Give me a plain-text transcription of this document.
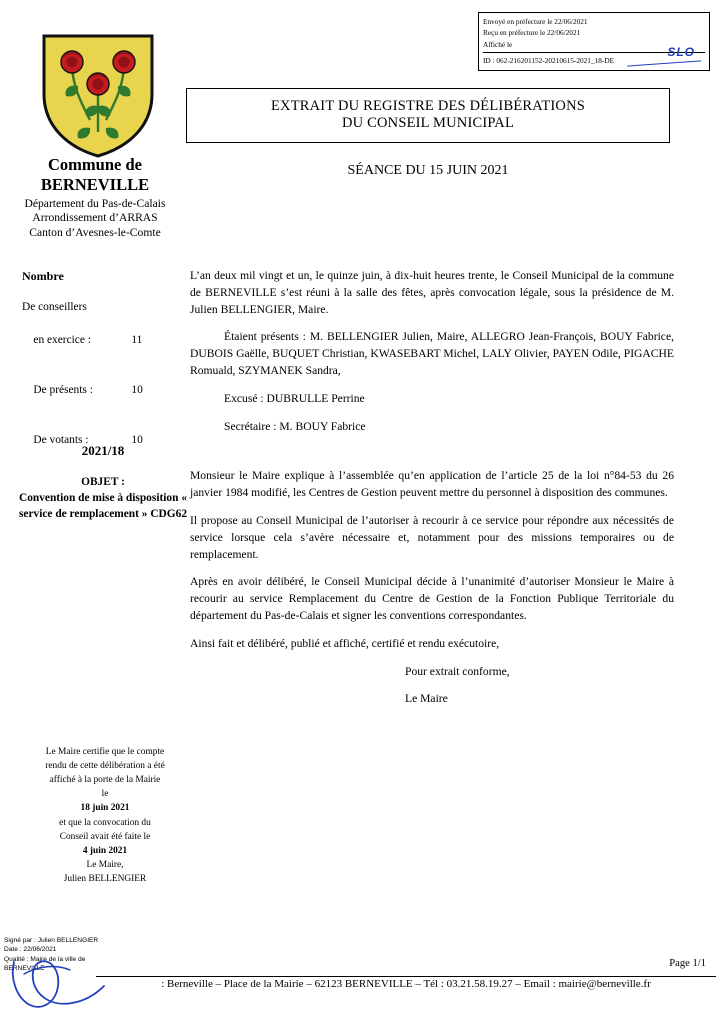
Envoyé en préfecture le 22/06/2021
Reçu en préfecture le 22/06/2021
Affiché le
ID : 062-216201152-20210615-2021_18-DE
SLO
Commune de
BERNEVILLE
Département du Pas-de-Calais
Arrondissement d’ARRAS
Canton d’Avesnes-le-Comte
Nombre
De conseillers

en exercice :	11

De présents :	10

De votants :	10

2021/18
OBJET :
Convention de mise à disposition « service de remplacement » CDG62
EXTRAIT DU REGISTRE DES DÉLIBÉRATIONS
DU CONSEIL MUNICIPAL
SÉANCE DU 15 JUIN 2021

L’an deux mil vingt et un, le quinze juin, à dix-huit heures trente, le Conseil Municipal de la commune de BERNEVILLE s’est réuni à la salle des fêtes, après convocation légale, sous la présidence de M. Julien BELLENGIER, Maire.

Étaient présents : M. BELLENGIER Julien, Maire, ALLEGRO Jean-François, BOUY Fabrice, DUBOIS Gaëlle, BUQUET Christian, KWASEBART Michel, LALY Olivier, PAYEN Odile, PIGACHE Romuald, SZYMANEK Sandra,

Excusé : DUBRULLE Perrine

Secrétaire : M. BOUY Fabrice

Monsieur le Maire explique à l’assemblée qu’en application de l’article 25 de la loi n°84-53 du 26 janvier 1984 modifié, les Centres de Gestion peuvent mettre du personnel à disposition des communes.

Il propose au Conseil Municipal de l’autoriser à recourir à ce service pour répondre aux nécessités de service lorsque cela s’avère nécessaire et, notamment pour des missions temporaires ou de remplacement.

Après en avoir délibéré, le Conseil Municipal décide à l’unanimité d’autoriser Monsieur le Maire à recourir au service Remplacement du Centre de Gestion de la Fonction Publique Territoriale du département du Pas-de-Calais et signer les conventions correspondantes.

Ainsi fait et délibéré, publié et affiché, certifié et rendu exécutoire,

Pour extrait conforme,

Le Maire

Le Maire certifie que le compte
rendu de cette délibération a été
affiché à la porte de la Mairie
le
18 juin 2021
et que la convocation du
Conseil avait été faite le
4 juin 2021
Le Maire,
Julien BELLENGIER
Signé par : Julien BELLENGIER
Date : 22/06/2021
Qualité : Maire de la ville de
BERNEVILLE	Page 1/1
: Berneville – Place de la Mairie – 62123 BERNEVILLE – Tél : 03.21.58.19.27 – Email : mairie@berneville.fr
